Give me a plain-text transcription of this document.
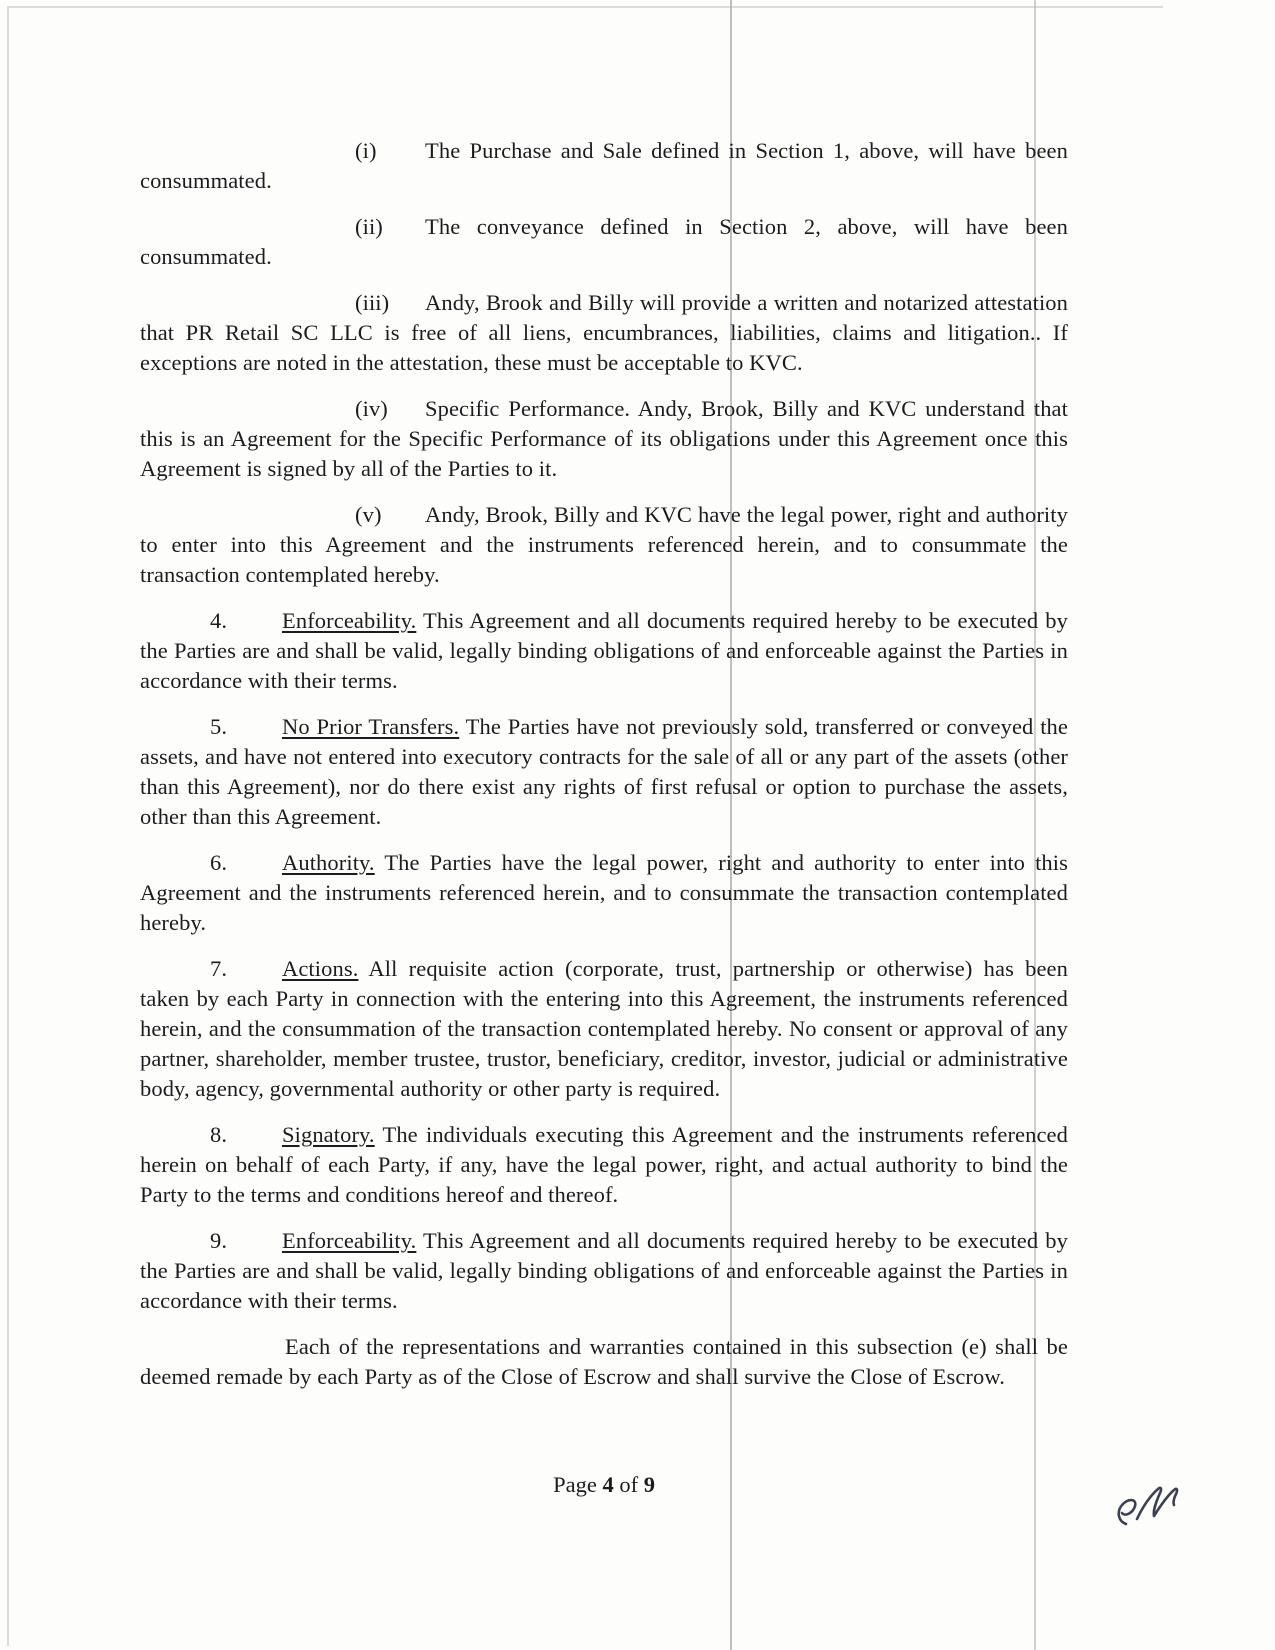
(i) The Purchase and Sale defined in Section 1, above, will have been consummated.

(ii) The conveyance defined in Section 2, above, will have been consummated.

(iii) Andy, Brook and Billy will provide a written and notarized attestation that PR Retail SC LLC is free of all liens, encumbrances, liabilities, claims and litigation.. If exceptions are noted in the attestation, these must be acceptable to KVC.

(iv) Specific Performance. Andy, Brook, Billy and KVC understand that this is an Agreement for the Specific Performance of its obligations under this Agreement once this Agreement is signed by all of the Parties to it.

(v) Andy, Brook, Billy and KVC have the legal power, right and authority to enter into this Agreement and the instruments referenced herein, and to consummate the transaction contemplated hereby.

4. Enforceability. This Agreement and all documents required hereby to be executed by the Parties are and shall be valid, legally binding obligations of and enforceable against the Parties in accordance with their terms.

5. No Prior Transfers. The Parties have not previously sold, transferred or conveyed the assets, and have not entered into executory contracts for the sale of all or any part of the assets (other than this Agreement), nor do there exist any rights of first refusal or option to purchase the assets, other than this Agreement.

6. Authority. The Parties have the legal power, right and authority to enter into this Agreement and the instruments referenced herein, and to consummate the transaction contemplated hereby.

7. Actions. All requisite action (corporate, trust, partnership or otherwise) has been taken by each Party in connection with the entering into this Agreement, the instruments referenced herein, and the consummation of the transaction contemplated hereby. No consent or approval of any partner, shareholder, member trustee, trustor, beneficiary, creditor, investor, judicial or administrative body, agency, governmental authority or other party is required.

8. Signatory. The individuals executing this Agreement and the instruments referenced herein on behalf of each Party, if any, have the legal power, right, and actual authority to bind the Party to the terms and conditions hereof and thereof.

9. Enforceability. This Agreement and all documents required hereby to be executed by the Parties are and shall be valid, legally binding obligations of and enforceable against the Parties in accordance with their terms.

Each of the representations and warranties contained in this subsection (e) shall be deemed remade by each Party as of the Close of Escrow and shall survive the Close of Escrow.

Page 4 of 9
